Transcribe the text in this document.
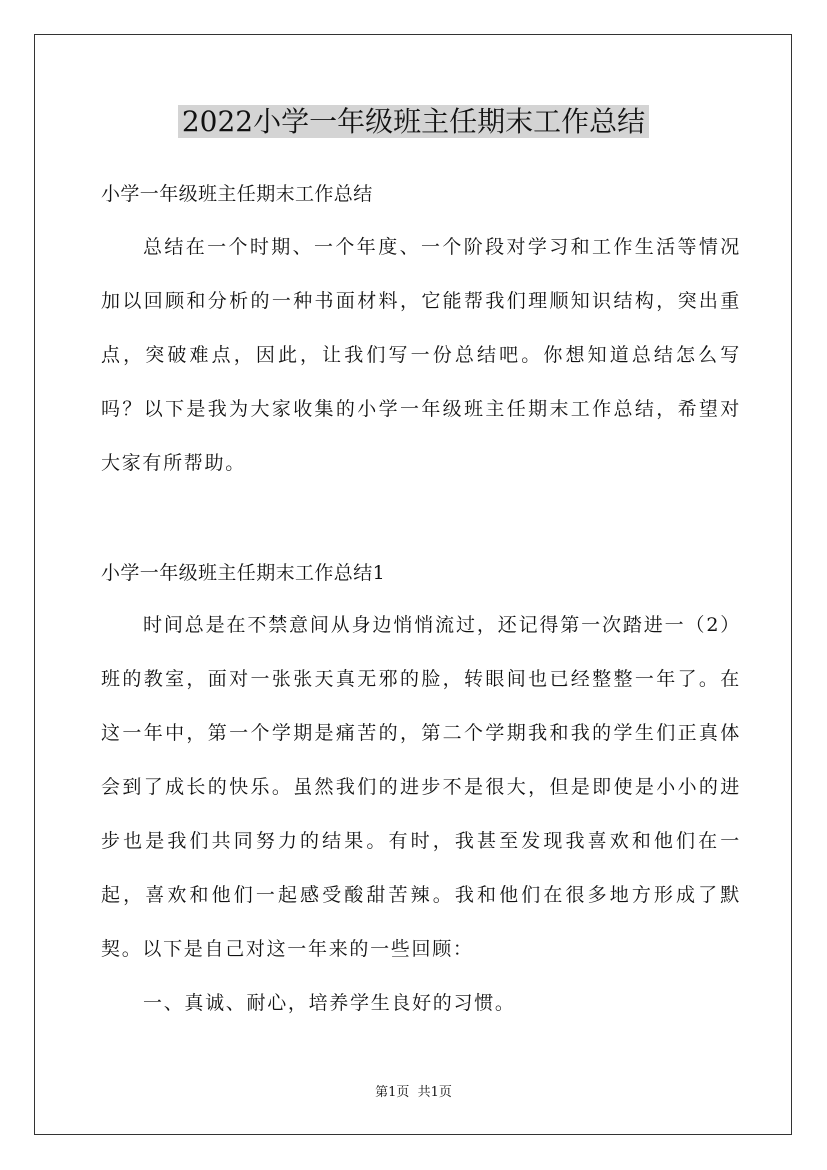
2022小学一年级班主任期末工作总结

小学一年级班主任期末工作总结

总结在一个时期、一个年度、一个阶段对学习和工作生活等情况加以回顾和分析的一种书面材料，它能帮我们理顺知识结构，突出重点，突破难点，因此，让我们写一份总结吧。你想知道总结怎么写吗？以下是我为大家收集的小学一年级班主任期末工作总结，希望对大家有所帮助。

小学一年级班主任期末工作总结1

时间总是在不禁意间从身边悄悄流过，还记得第一次踏进一（2）班的教室，面对一张张天真无邪的脸，转眼间也已经整整一年了。在这一年中，第一个学期是痛苦的，第二个学期我和我的学生们正真体会到了成长的快乐。虽然我们的进步不是很大，但是即使是小小的进步也是我们共同努力的结果。有时，我甚至发现我喜欢和他们在一起，喜欢和他们一起感受酸甜苦辣。我和他们在很多地方形成了默契。以下是自己对这一年来的一些回顾：

一、真诚、耐心，培养学生良好的习惯。

第1页  共1页
